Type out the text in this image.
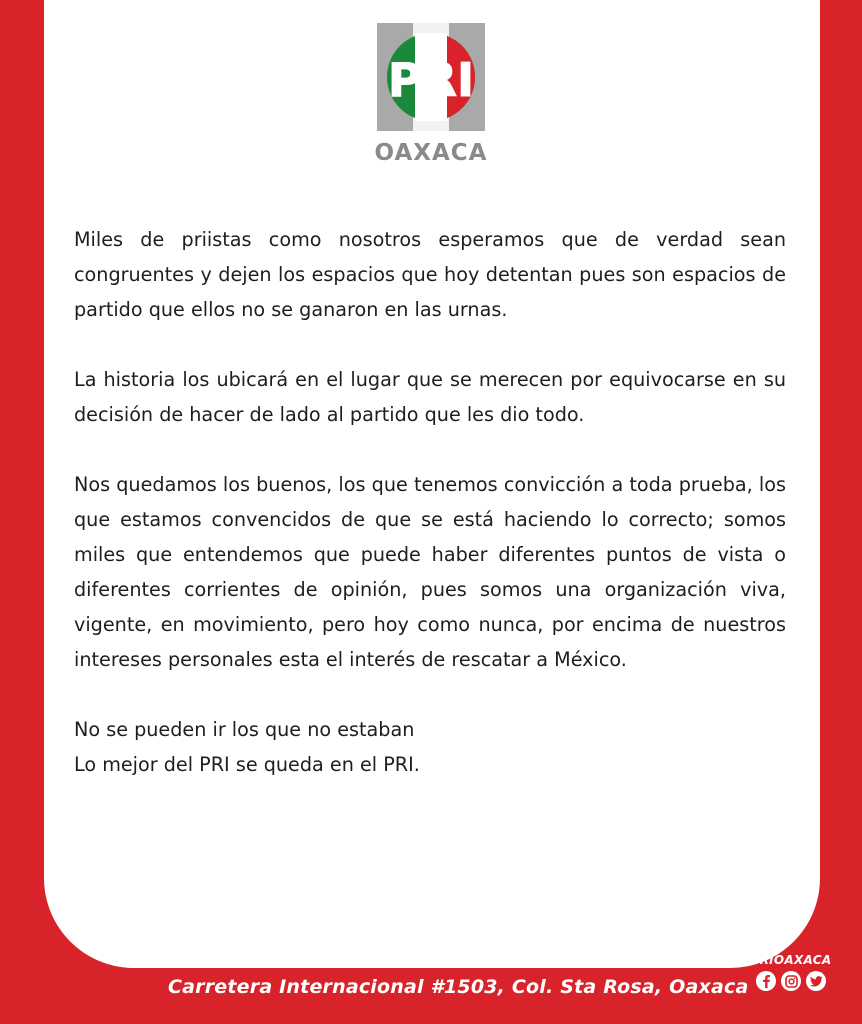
PRI
OAXACA

Miles de priistas como nosotros esperamos que de verdad sean congruentes y dejen los espacios que hoy detentan pues son espacios de partido que ellos no se ganaron en las urnas.

La historia los ubicará en el lugar que se merecen por equivocarse en su decisión de hacer de lado al partido que les dio todo.

Nos quedamos los buenos, los que tenemos convicción a toda prueba, los que estamos convencidos de que se está haciendo lo correcto; somos miles que entendemos que puede haber diferentes puntos de vista o diferentes corrientes de opinión, pues somos una organización viva, vigente, en movimiento, pero hoy como nunca, por encima de nuestros intereses personales esta el interés de rescatar a México.

No se pueden ir los que no estaban
Lo mejor del PRI se queda en el PRI.

Carretera Internacional #1503, Col. Sta Rosa, Oaxaca
PRIOAXACA
